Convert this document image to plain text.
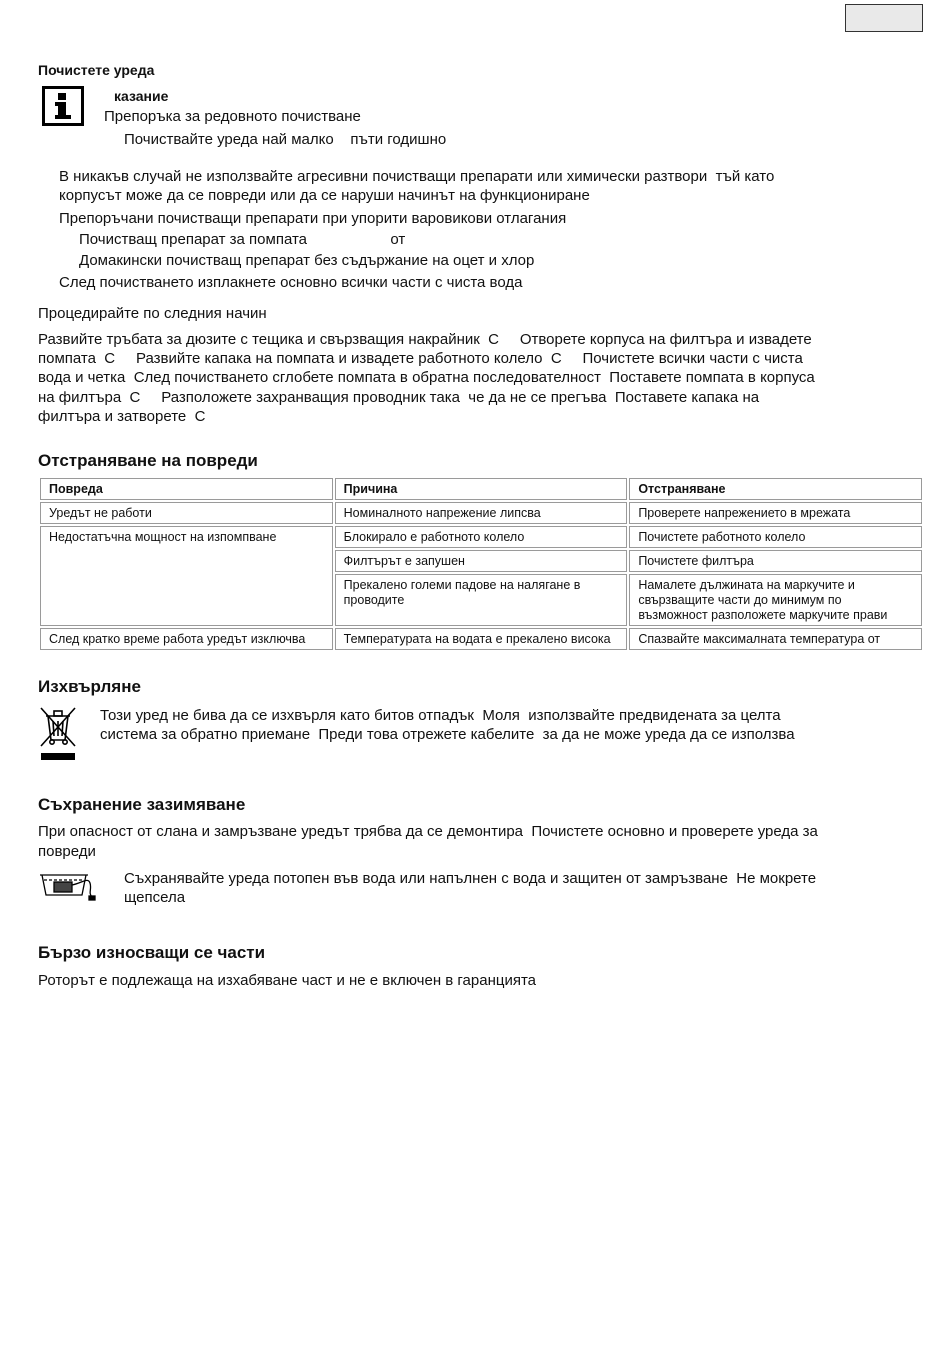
Почистете уреда
казание
Препоръка за редовното почистване
Почиствайте уреда най малко    пъти годишно
В никакъв случай не използвайте агресивни почистващи препарати или химически разтвори  тъй като
корпусът може да се повреди или да се наруши начинът на функциониране
Препоръчани почистващи препарати при упорити варовикови отлагания
Почистващ препарат за помпата                    от
Домакински почистващ препарат без съдържание на оцет и хлор
След почистването изплакнете основно всички части с чиста вода
Процедирайте по следния начин
Развийте тръбата за дюзите с тещика и свързващия накрайник  C     Отворете корпуса на филтъра и извадете
помпата  C     Развийте капака на помпата и извадете работното колело  C     Почистете всички части с чиста
вода и четка  След почистването сглобете помпата в обратна последователност  Поставете помпата в корпуса
на филтъра  C     Разположете захранващия проводник така  че да не се прегъва  Поставете капака на
филтъра и затворете  C
Отстраняване на повреди
Повреда	Причина	Отстраняване
Уредът не работи	Номиналното напрежение липсва	Проверете напрежението в мрежата
Недостатъчна мощност на изпомпване	Блокирало е работното колело	Почистете работното колело
	Филтърът е запушен	Почистете филтъра
	Прекалено големи падове на налягане в проводите	Намалете дължината на маркучите и свързващите части до минимум по възможност разположете маркучите прави
След кратко време работа уредът изключва	Температурата на водата е прекалено висока	Спазвайте максималната температура от
Изхвърляне
Този уред не бива да се изхвърля като битов отпадък  Моля  използвайте предвидената за целта
система за обратно приемане  Преди това отрежете кабелите  за да не може уреда да се използва
Съхранение зазимяване
При опасност от слана и замръзване уредът трябва да се демонтира  Почистете основно и проверете уреда за
повреди
Съхранявайте уреда потопен във вода или напълнен с вода и защитен от замръзване  Не мокрете
щепсела
Бързо износващи се части
Роторът е подлежаща на изхабяване част и не е включен в гаранцията
